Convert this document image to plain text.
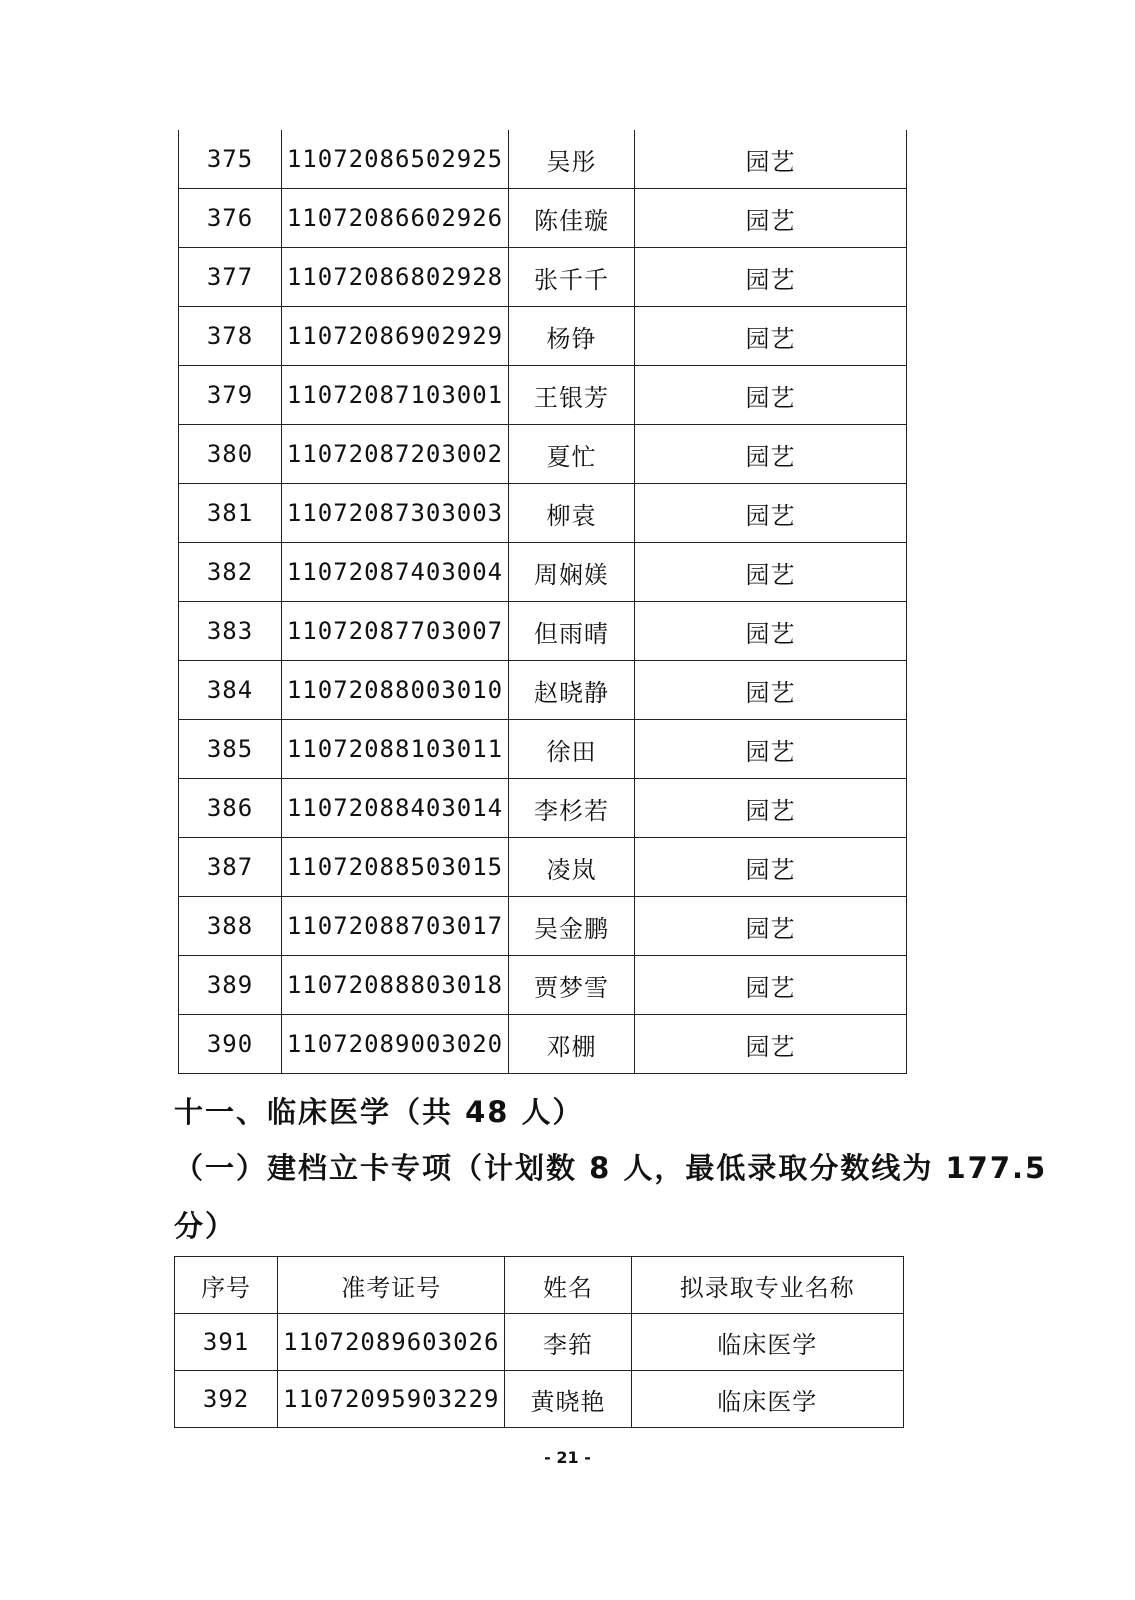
375	11072086502925	吴彤	园艺
376	11072086602926	陈佳璇	园艺
377	11072086802928	张千千	园艺
378	11072086902929	杨铮	园艺
379	11072087103001	王银芳	园艺
380	11072087203002	夏忙	园艺
381	11072087303003	柳袁	园艺
382	11072087403004	周娴媄	园艺
383	11072087703007	但雨晴	园艺
384	11072088003010	赵晓静	园艺
385	11072088103011	徐田	园艺
386	11072088403014	李杉若	园艺
387	11072088503015	凌岚	园艺
388	11072088703017	吴金鹏	园艺
389	11072088803018	贾梦雪	园艺
390	11072089003020	邓棚	园艺
十一、临床医学（共 48 人）
（一）建档立卡专项（计划数 8 人，最低录取分数线为 177.5
分）
序号	准考证号	姓名	拟录取专业名称
391	11072089603026	李筘	临床医学
392	11072095903229	黄晓艳	临床医学
- 21 -
